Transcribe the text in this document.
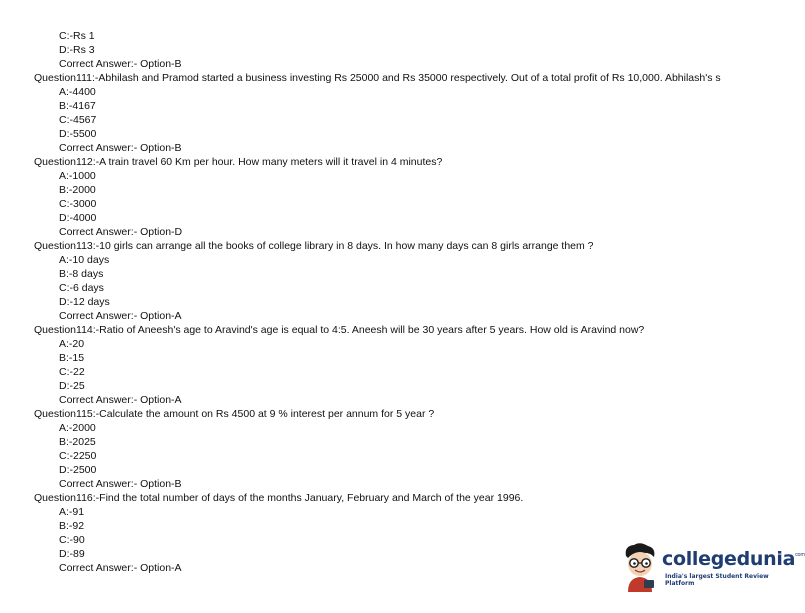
C:-Rs 1
D:-Rs 3
Correct Answer:- Option-B
Question111:-Abhilash and Pramod started a business investing Rs 25000 and Rs 35000 respectively. Out of a total profit of Rs 10,000. Abhilash's s
A:-4400
B:-4167
C:-4567
D:-5500
Correct Answer:- Option-B
Question112:-A train travel 60 Km per hour. How many meters will it travel in 4 minutes?
A:-1000
B:-2000
C:-3000
D:-4000
Correct Answer:- Option-D
Question113:-10 girls can arrange all the books of college library in 8 days. In how many days can 8 girls arrange them ?
A:-10 days
B:-8 days
C:-6 days
D:-12 days
Correct Answer:- Option-A
Question114:-Ratio of Aneesh's age to Aravind's age is equal to 4:5. Aneesh will be 30 years after 5 years. How old is Aravind now?
A:-20
B:-15
C:-22
D:-25
Correct Answer:- Option-A
Question115:-Calculate the amount on Rs 4500 at 9 % interest per annum for 5 year ?
A:-2000
B:-2025
C:-2250
D:-2500
Correct Answer:- Option-B
Question116:-Find the total number of days of the months January, February and March of the year 1996.
A:-91
B:-92
C:-90
D:-89
Correct Answer:- Option-A	collegedunia$^{com}$
India's largest Student Review Platform
